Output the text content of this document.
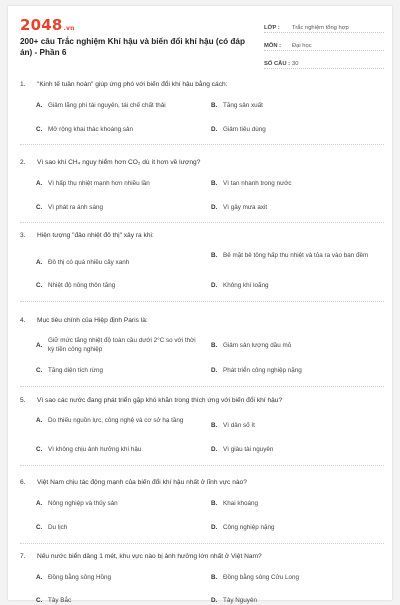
2048.vn
200+ câu Trắc nghiệm Khí hậu và biến đổi khí hậu (có đáp án) - Phần 6
LỚP :	Trắc nghiệm tổng hợp
MÔN :	Đại học
SỐ CÂU : 30
1.	"Kinh tế tuần hoàn" giúp ứng phó với biến đổi khí hậu bằng cách:
A. Giảm lãng phí tài nguyên, tái chế chất thải	B. Tăng sản xuất
C. Mở rộng khai thác khoáng sản	D. Giảm tiêu dùng
2.	Vì sao khí CH₄ nguy hiểm hơn CO₂ dù ít hơn về lượng?
A. Vì hấp thụ nhiệt mạnh hơn nhiều lần	B. Vì tan nhanh trong nước
C. Vì phát ra ánh sáng	D. Vì gây mưa axit
3.	Hiện tượng "đảo nhiệt đô thị" xảy ra khi:
A. Đô thị có quá nhiều cây xanh
B. Bê mặt bê tông hấp thu nhiệt và tỏa ra vào ban đêm
C. Nhiệt độ nông thôn tăng	D. Không khí loãng
4.	Mục tiêu chính của Hiệp định Paris là:
A.
Giữ mức tăng nhiệt độ toàn cầu dưới 2°C so với thời kỳ tiền công nghiệp
B. Giảm sản lượng dầu mỏ
C. Tăng diện tích rừng	D. Phát triển công nghiệp nặng
5.	Vì sao các nước đang phát triển gặp khó khăn trong thích ứng với biến đổi khí hậu?
A. Do thiếu nguồn lực, công nghệ và cơ sở hạ tầng
B. Vì dân số ít
C. Vì không chịu ảnh hưởng khí hậu	D. Vì giàu tài nguyên
6.	Việt Nam chịu tác động mạnh của biến đổi khí hậu nhất ở lĩnh vực nào?
A. Nông nghiệp và thủy sản	B. Khai khoáng
C. Du lịch	D. Công nghiệp nặng
7.	Nếu nước biển dâng 1 mét, khu vực nào bị ảnh hưởng lớn nhất ở Việt Nam?
A. Đồng bằng sông Hồng	B. Đồng bằng sông Cửu Long
C. Tây Bắc	D. Tây Nguyên
